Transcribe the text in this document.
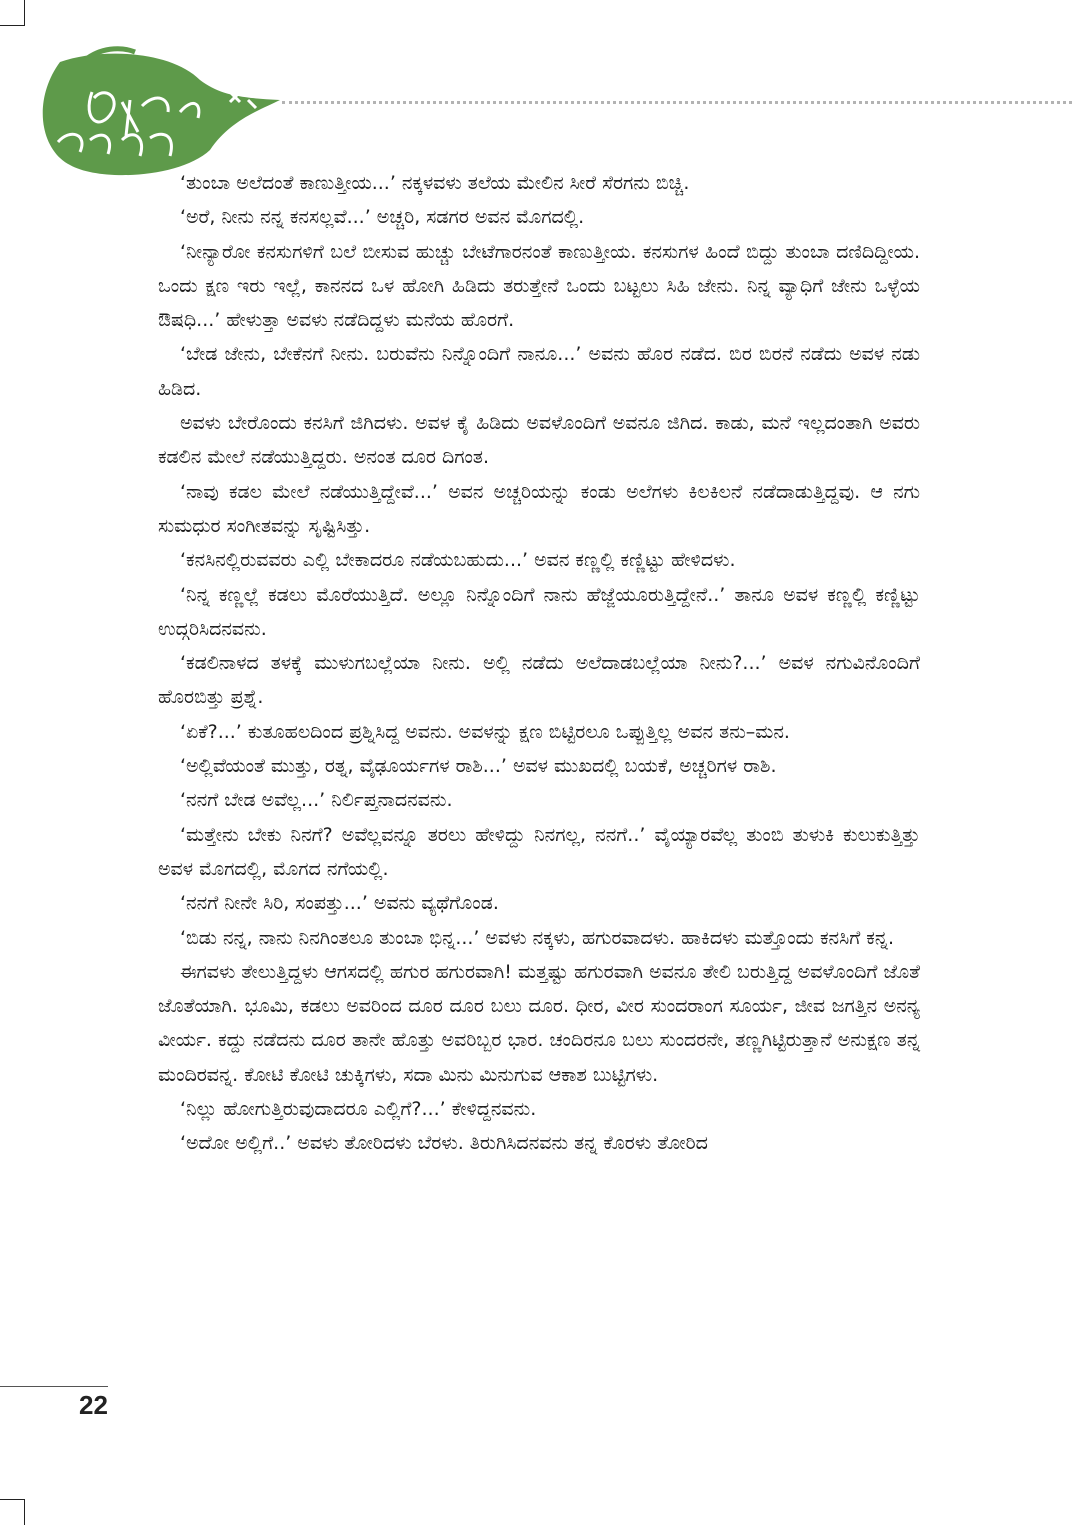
‘ತುಂಬಾ ಅಲೆದಂತೆ ಕಾಣುತ್ತೀಯ...’ ನಕ್ಕಳವಳು ತಲೆಯ ಮೇಲಿನ ಸೀರೆ ಸೆರಗನು ಬಿಚ್ಚಿ.

‘ಅರೆ, ನೀನು ನನ್ನ ಕನಸಲ್ಲವೆ...’ ಅಚ್ಚರಿ, ಸಡಗರ ಅವನ ಮೊಗದಲ್ಲಿ.

‘ನೀನ್ಯಾರೋ ಕನಸುಗಳಿಗೆ ಬಲೆ ಬೀಸುವ ಹುಚ್ಚು ಬೇಟೆಗಾರನಂತೆ ಕಾಣುತ್ತೀಯ. ಕನಸುಗಳ ಹಿಂದೆ ಬಿದ್ದು ತುಂಬಾ ದಣಿದಿದ್ದೀಯ. ಒಂದು ಕ್ಷಣ ಇರು ಇಲ್ಲೆ, ಕಾನನದ ಒಳ ಹೋಗಿ ಹಿಡಿದು ತರುತ್ತೇನೆ ಒಂದು ಬಟ್ಟಲು ಸಿಹಿ ಜೇನು. ನಿನ್ನ ವ್ಯಾಧಿಗೆ ಜೇನು ಒಳ್ಳೆಯ ಔಷಧಿ...’ ಹೇಳುತ್ತಾ ಅವಳು ನಡೆದಿದ್ದಳು ಮನೆಯ ಹೊರಗೆ.

‘ಬೇಡ ಜೇನು, ಬೇಕೆನಗೆ ನೀನು. ಬರುವೆನು ನಿನ್ನೊಂದಿಗೆ ನಾನೂ...’ ಅವನು ಹೊರ ನಡೆದ. ಬಿರ ಬಿರನೆ ನಡೆದು ಅವಳ ನಡು ಹಿಡಿದ.

ಅವಳು ಬೇರೊಂದು ಕನಸಿಗೆ ಜಿಗಿದಳು. ಅವಳ ಕೈ ಹಿಡಿದು ಅವಳೊಂದಿಗೆ ಅವನೂ ಜಿಗಿದ. ಕಾಡು, ಮನೆ ಇಲ್ಲದಂತಾಗಿ ಅವರು ಕಡಲಿನ ಮೇಲೆ ನಡೆಯುತ್ತಿದ್ದರು. ಅನಂತ ದೂರ ದಿಗಂತ.

‘ನಾವು ಕಡಲ ಮೇಲೆ ನಡೆಯುತ್ತಿದ್ದೇವೆ...’ ಅವನ ಅಚ್ಚರಿಯನ್ನು ಕಂಡು ಅಲೆಗಳು ಕಿಲಕಿಲನೆ ನಡೆದಾಡುತ್ತಿದ್ದವು. ಆ ನಗು ಸುಮಧುರ ಸಂಗೀತವನ್ನು ಸೃಷ್ಟಿಸಿತ್ತು.

‘ಕನಸಿನಲ್ಲಿರುವವರು ಎಲ್ಲಿ ಬೇಕಾದರೂ ನಡೆಯಬಹುದು...’ ಅವನ ಕಣ್ಣಲ್ಲಿ ಕಣ್ಣಿಟ್ಟು ಹೇಳಿದಳು.

‘ನಿನ್ನ ಕಣ್ಣಲ್ಲೆ ಕಡಲು ಮೊರೆಯುತ್ತಿದೆ. ಅಲ್ಲೂ ನಿನ್ನೊಂದಿಗೆ ನಾನು ಹೆಜ್ಜೆಯೂರುತ್ತಿದ್ದೇನೆ..’ ತಾನೂ ಅವಳ ಕಣ್ಣಲ್ಲಿ ಕಣ್ಣಿಟ್ಟು ಉದ್ಗರಿಸಿದನವನು.

‘ಕಡಲಿನಾಳದ ತಳಕ್ಕೆ ಮುಳುಗಬಲ್ಲೆಯಾ ನೀನು. ಅಲ್ಲಿ ನಡೆದು ಅಲೆದಾಡಬಲ್ಲೆಯಾ ನೀನು?...’ ಅವಳ ನಗುವಿನೊಂದಿಗೆ ಹೊರಬಿತ್ತು ಪ್ರಶ್ನೆ.

‘ಏಕೆ?...’ ಕುತೂಹಲದಿಂದ ಪ್ರಶ್ನಿಸಿದ್ದ ಅವನು. ಅವಳನ್ನು ಕ್ಷಣ ಬಿಟ್ಟಿರಲೂ ಒಪ್ಪುತ್ತಿಲ್ಲ ಅವನ ತನು–ಮನ.

‘ಅಲ್ಲಿವೆಯಂತೆ ಮುತ್ತು, ರತ್ನ, ವೈಢೂರ್ಯಗಳ ರಾಶಿ...’ ಅವಳ ಮುಖದಲ್ಲಿ ಬಯಕೆ, ಅಚ್ಚರಿಗಳ ರಾಶಿ.

‘ನನಗೆ ಬೇಡ ಅವೆಲ್ಲ...’ ನಿರ್ಲಿಪ್ತನಾದನವನು.

‘ಮತ್ತೇನು ಬೇಕು ನಿನಗೆ? ಅವೆಲ್ಲವನ್ನೂ ತರಲು ಹೇಳಿದ್ದು ನಿನಗಲ್ಲ, ನನಗೆ..’ ವೈಯ್ಯಾರವೆಲ್ಲ ತುಂಬಿ ತುಳುಕಿ ಕುಲುಕುತ್ತಿತ್ತು ಅವಳ ಮೊಗದಲ್ಲಿ, ಮೊಗದ ನಗೆಯಲ್ಲಿ.

‘ನನಗೆ ನೀನೇ ಸಿರಿ, ಸಂಪತ್ತು...’ ಅವನು ವ್ಯಥೆಗೊಂಡ.

‘ಬಿಡು ನನ್ನ, ನಾನು ನಿನಗಿಂತಲೂ ತುಂಬಾ ಭಿನ್ನ...’ ಅವಳು ನಕ್ಕಳು, ಹಗುರವಾದಳು. ಹಾಕಿದಳು ಮತ್ತೊಂದು ಕನಸಿಗೆ ಕನ್ನ.

ಈಗವಳು ತೇಲುತ್ತಿದ್ದಳು ಆಗಸದಲ್ಲಿ ಹಗುರ ಹಗುರವಾಗಿ! ಮತ್ತಷ್ಟು ಹಗುರವಾಗಿ ಅವನೂ ತೇಲಿ ಬರುತ್ತಿದ್ದ ಅವಳೊಂದಿಗೆ ಜೊತೆ ಜೊತೆಯಾಗಿ. ಭೂಮಿ, ಕಡಲು ಅವರಿಂದ ದೂರ ದೂರ ಬಲು ದೂರ. ಧೀರ, ವೀರ ಸುಂದರಾಂಗ ಸೂರ್ಯ, ಜೀವ ಜಗತ್ತಿನ ಅನನ್ಯ ವೀರ್ಯ. ಕದ್ದು ನಡೆದನು ದೂರ ತಾನೇ ಹೊತ್ತು ಅವರಿಬ್ಬರ ಭಾರ. ಚಂದಿರನೂ ಬಲು ಸುಂದರನೇ, ತಣ್ಣಗಿಟ್ಟಿರುತ್ತಾನೆ ಅನುಕ್ಷಣ ತನ್ನ ಮಂದಿರವನ್ನ. ಕೋಟಿ ಕೋಟಿ ಚುಕ್ಕಿಗಳು, ಸದಾ ಮಿನು ಮಿನುಗುವ ಆಕಾಶ ಬುಟ್ಟಿಗಳು.

‘ನಿಲ್ಲು ಹೋಗುತ್ತಿರುವುದಾದರೂ ಎಲ್ಲಿಗೆ?...’ ಕೇಳಿದ್ದನವನು.

‘ಅದೋ ಅಲ್ಲಿಗೆ..’ ಅವಳು ತೋರಿದಳು ಬೆರಳು. ತಿರುಗಿಸಿದನವನು ತನ್ನ ಕೊರಳು ತೋರಿದ

22
